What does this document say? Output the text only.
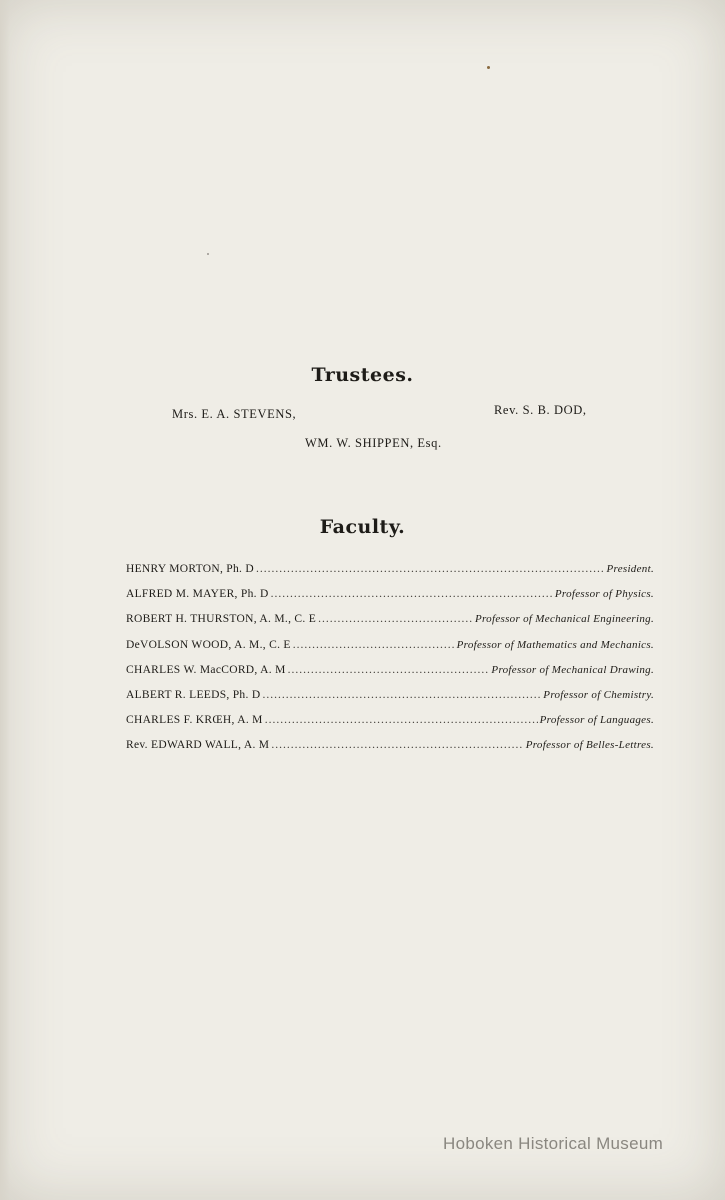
Trustees.
Mrs. E. A. STEVENS,	Rev. S. B. DOD,
WM. W. SHIPPEN, Esq.
Faculty.
HENRY MORTON, Ph. D .....	President.
ALFRED M. MAYER, Ph. D .....	Professor of Physics.
ROBERT H. THURSTON, A. M., C. E .....	Professor of Mechanical Engineering.
DeVOLSON WOOD, A. M., C. E .....	Professor of Mathematics and Mechanics.
CHARLES W. MacCORD, A. M .....	Professor of Mechanical Drawing.
ALBERT R. LEEDS, Ph. D .....	Professor of Chemistry.
CHARLES F. KRŒH, A. M .....	Professor of Languages.
Rev. EDWARD WALL, A. M .....	Professor of Belles-Lettres.
Hoboken Historical Museum
